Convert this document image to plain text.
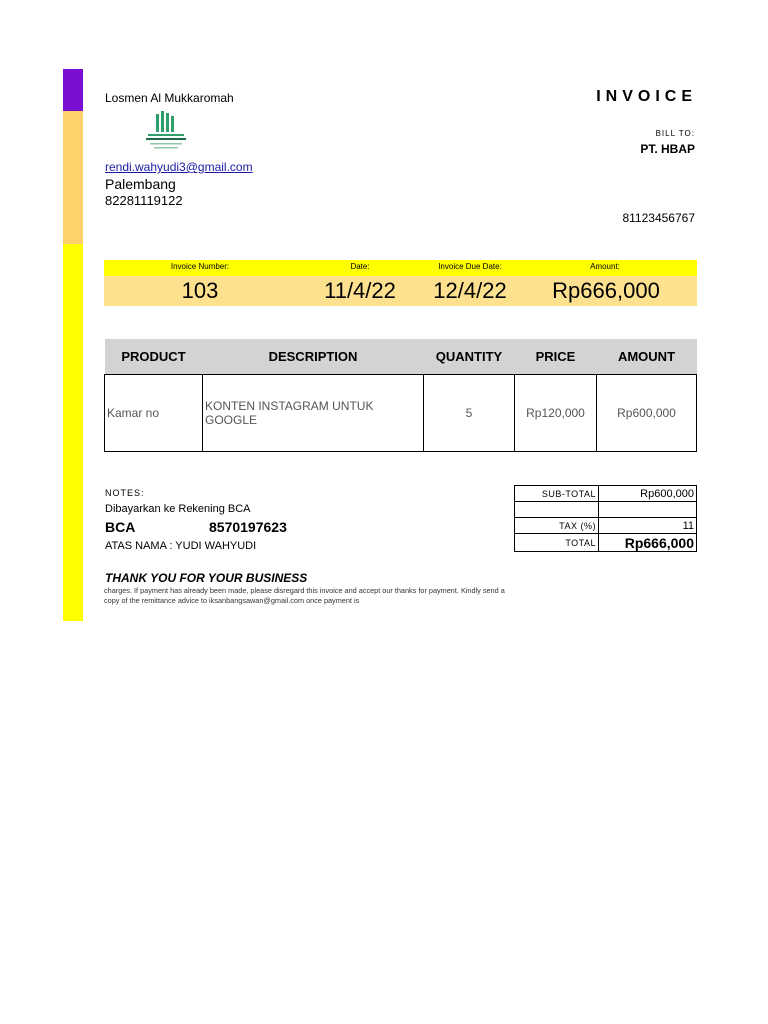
Losmen Al Mukkaromah	INVOICE
rendi.wahyudi3@gmail.com
Palembang
82281119122
BILL TO:
PT. HBAP
81123456767
Invoice Number:	Date:	Invoice Due Date:	Amount:
103	11/4/22	12/4/22	Rp666,000
PRODUCT	DESCRIPTION	QUANTITY	PRICE	AMOUNT
Kamar no	KONTEN INSTAGRAM UNTUK GOOGLE	5	Rp120,000	Rp600,000
NOTES:
Dibayarkan ke Rekening BCA
BCA	8570197623
ATAS NAMA : YUDI WAHYUDI
SUB-TOTAL	Rp600,000

TAX (%)	11
TOTAL	Rp666,000
THANK YOU FOR YOUR BUSINESS
charges. If payment has already been made, please disregard this invoice and accept our thanks for payment. Kindly send a copy of the remittance advice to iksanbangsawan@gmail.com once payment is
